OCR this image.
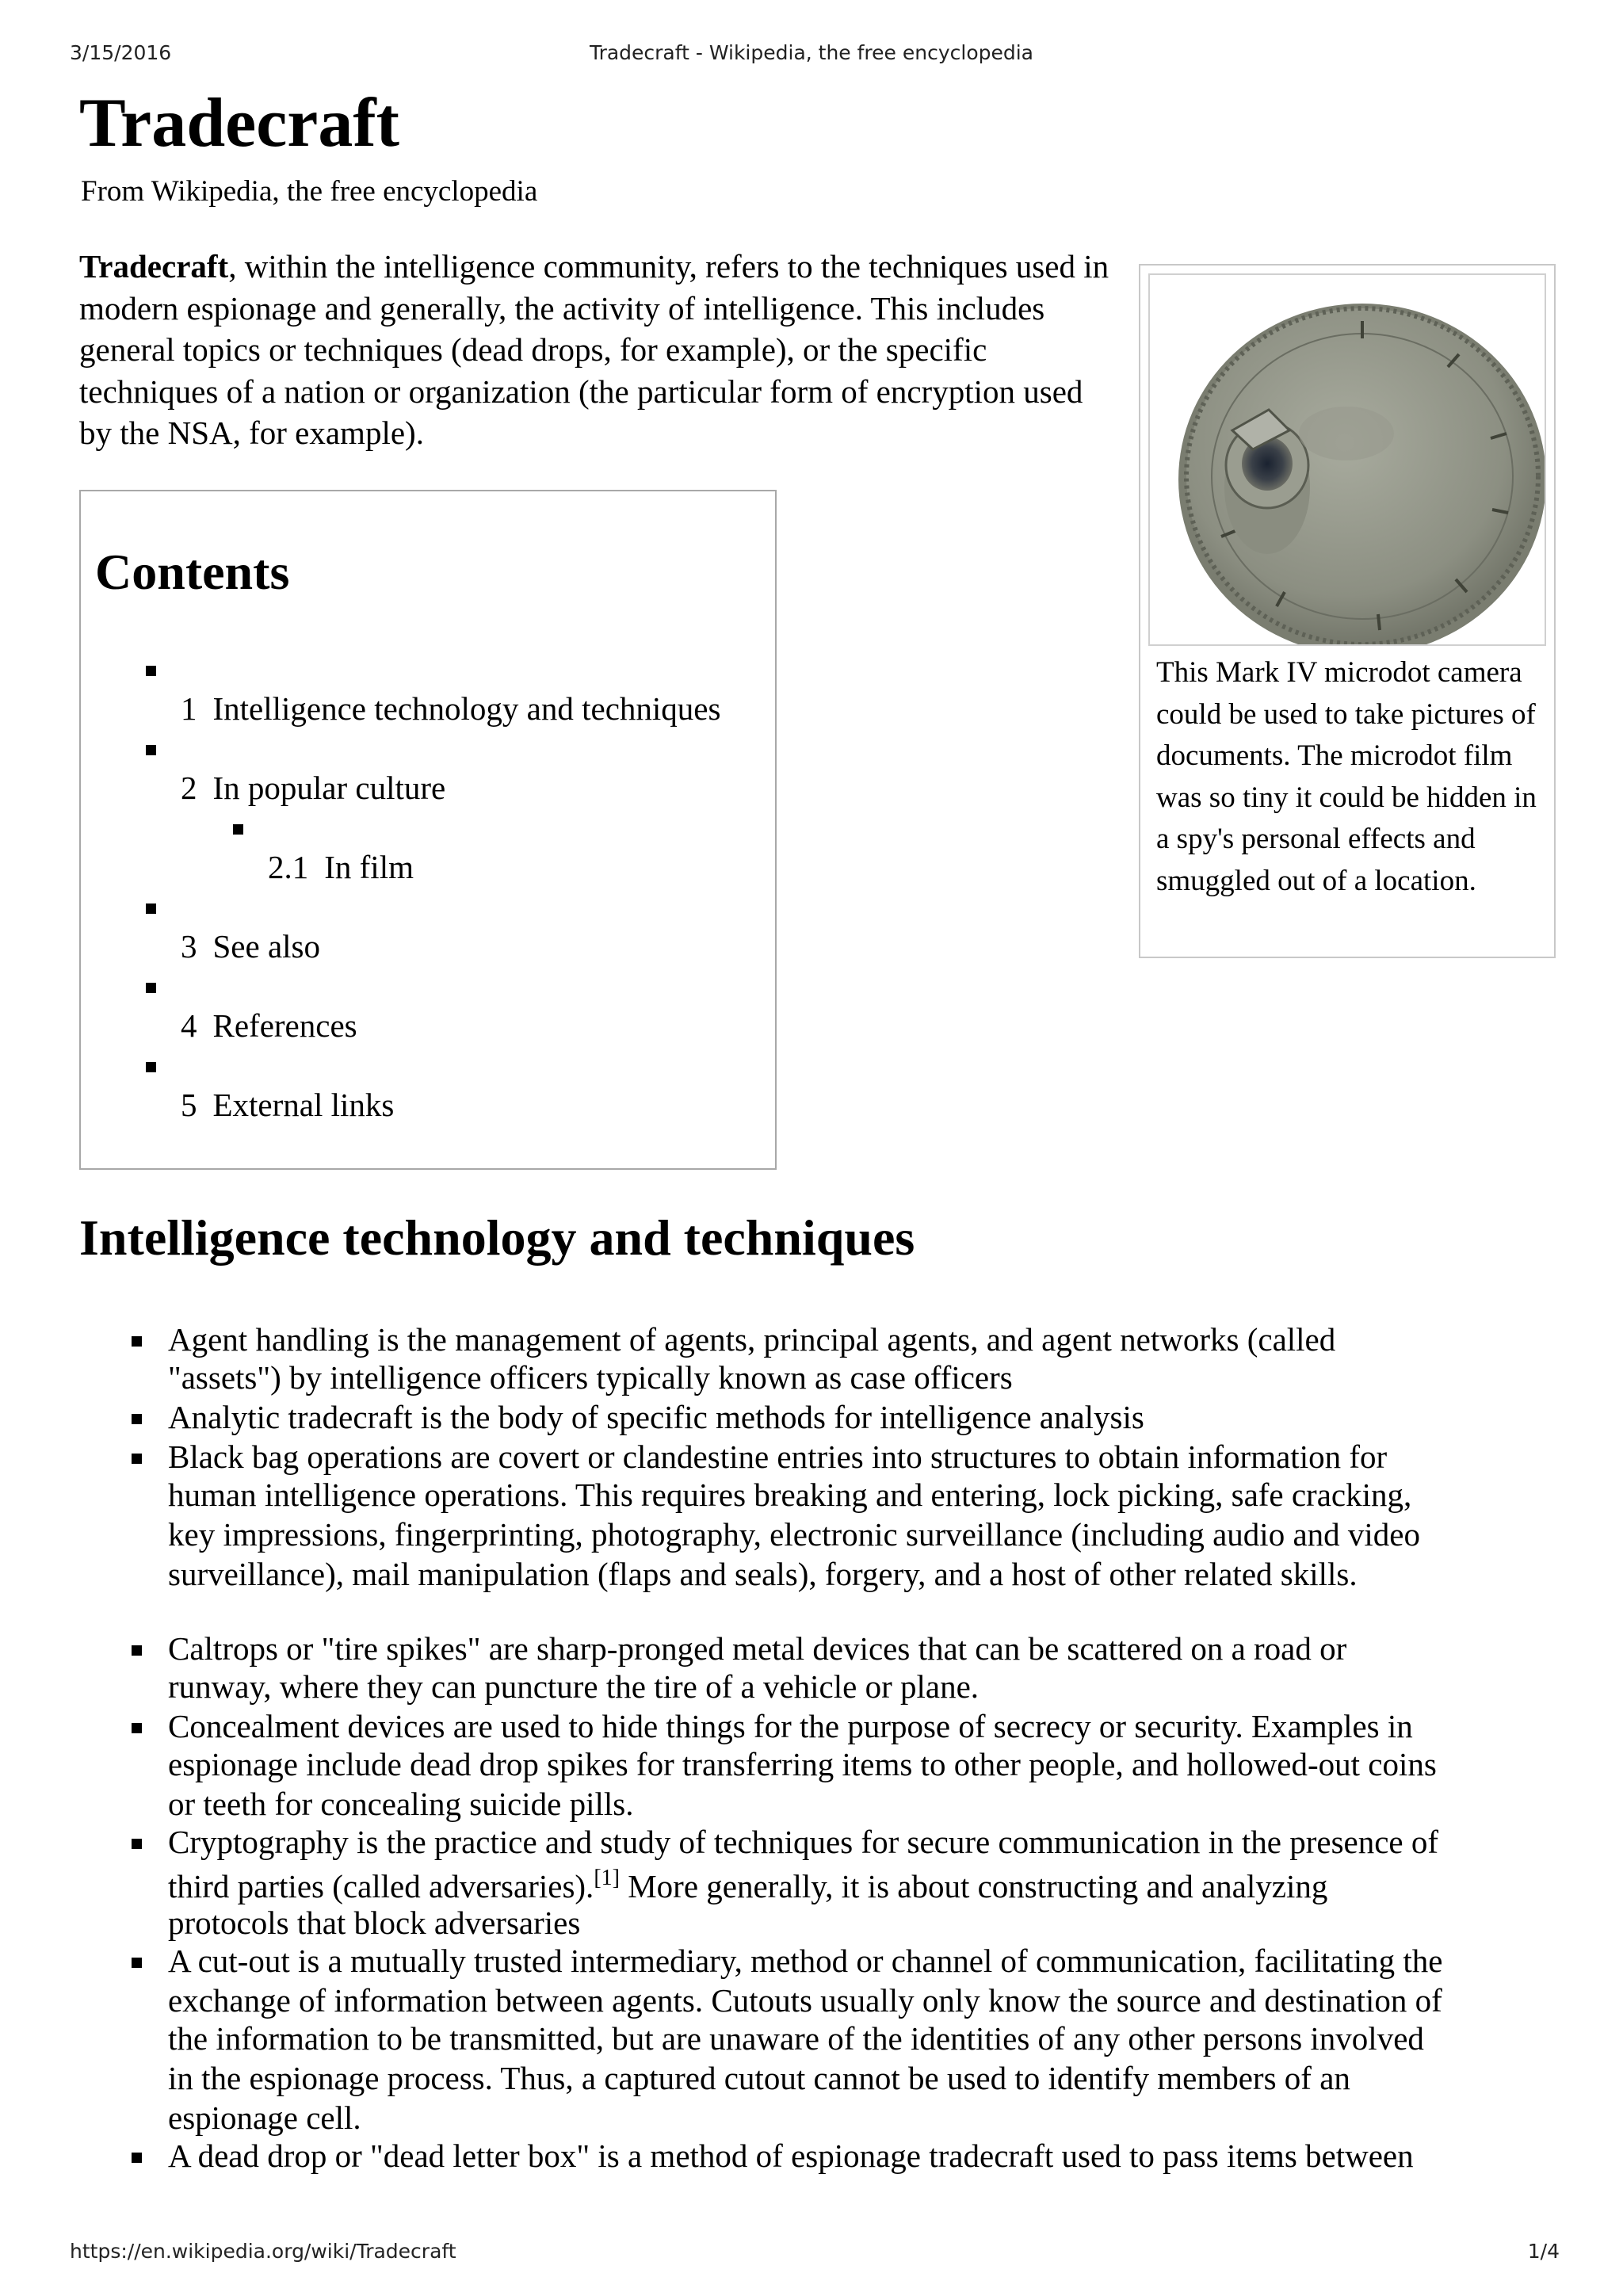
3/15/2016	Tradecraft - Wikipedia, the free encyclopedia
https://en.wikipedia.org/wiki/Tradecraft	1/4
Tradecraft
From Wikipedia, the free encyclopedia

Tradecraft, within the intelligence community, refers to the techniques used in modern espionage and generally, the activity of intelligence. This includes general topics or techniques (dead drops, for example), or the specific techniques of a nation or organization (the particular form of encryption used by the NSA, for example).

Contents
1 Intelligence technology and techniques
2 In popular culture
2.1 In film
3 See also
4 References
5 External links
This Mark IV microdot camera could be used to take pictures of documents. The microdot film was so tiny it could be hidden in a spy's personal effects and smuggled out of a location.
Intelligence technology and techniques
Agent handling is the management of agents, principal agents, and agent networks (called
"assets") by intelligence officers typically known as case officers
Analytic tradecraft is the body of specific methods for intelligence analysis
Black bag operations are covert or clandestine entries into structures to obtain information for
human intelligence operations. This requires breaking and entering, lock picking, safe cracking,
key impressions, fingerprinting, photography, electronic surveillance (including audio and video
surveillance), mail manipulation (flaps and seals), forgery, and a host of other related skills.
Caltrops or "tire spikes" are sharp-pronged metal devices that can be scattered on a road or
runway, where they can puncture the tire of a vehicle or plane.
Concealment devices are used to hide things for the purpose of secrecy or security. Examples in
espionage include dead drop spikes for transferring items to other people, and hollowed-out coins
or teeth for concealing suicide pills.
Cryptography is the practice and study of techniques for secure communication in the presence of
third parties (called adversaries).[1] More generally, it is about constructing and analyzing
protocols that block adversaries
A cut-out is a mutually trusted intermediary, method or channel of communication, facilitating the
exchange of information between agents. Cutouts usually only know the source and destination of
the information to be transmitted, but are unaware of the identities of any other persons involved
in the espionage process. Thus, a captured cutout cannot be used to identify members of an
espionage cell.
A dead drop or "dead letter box" is a method of espionage tradecraft used to pass items between
